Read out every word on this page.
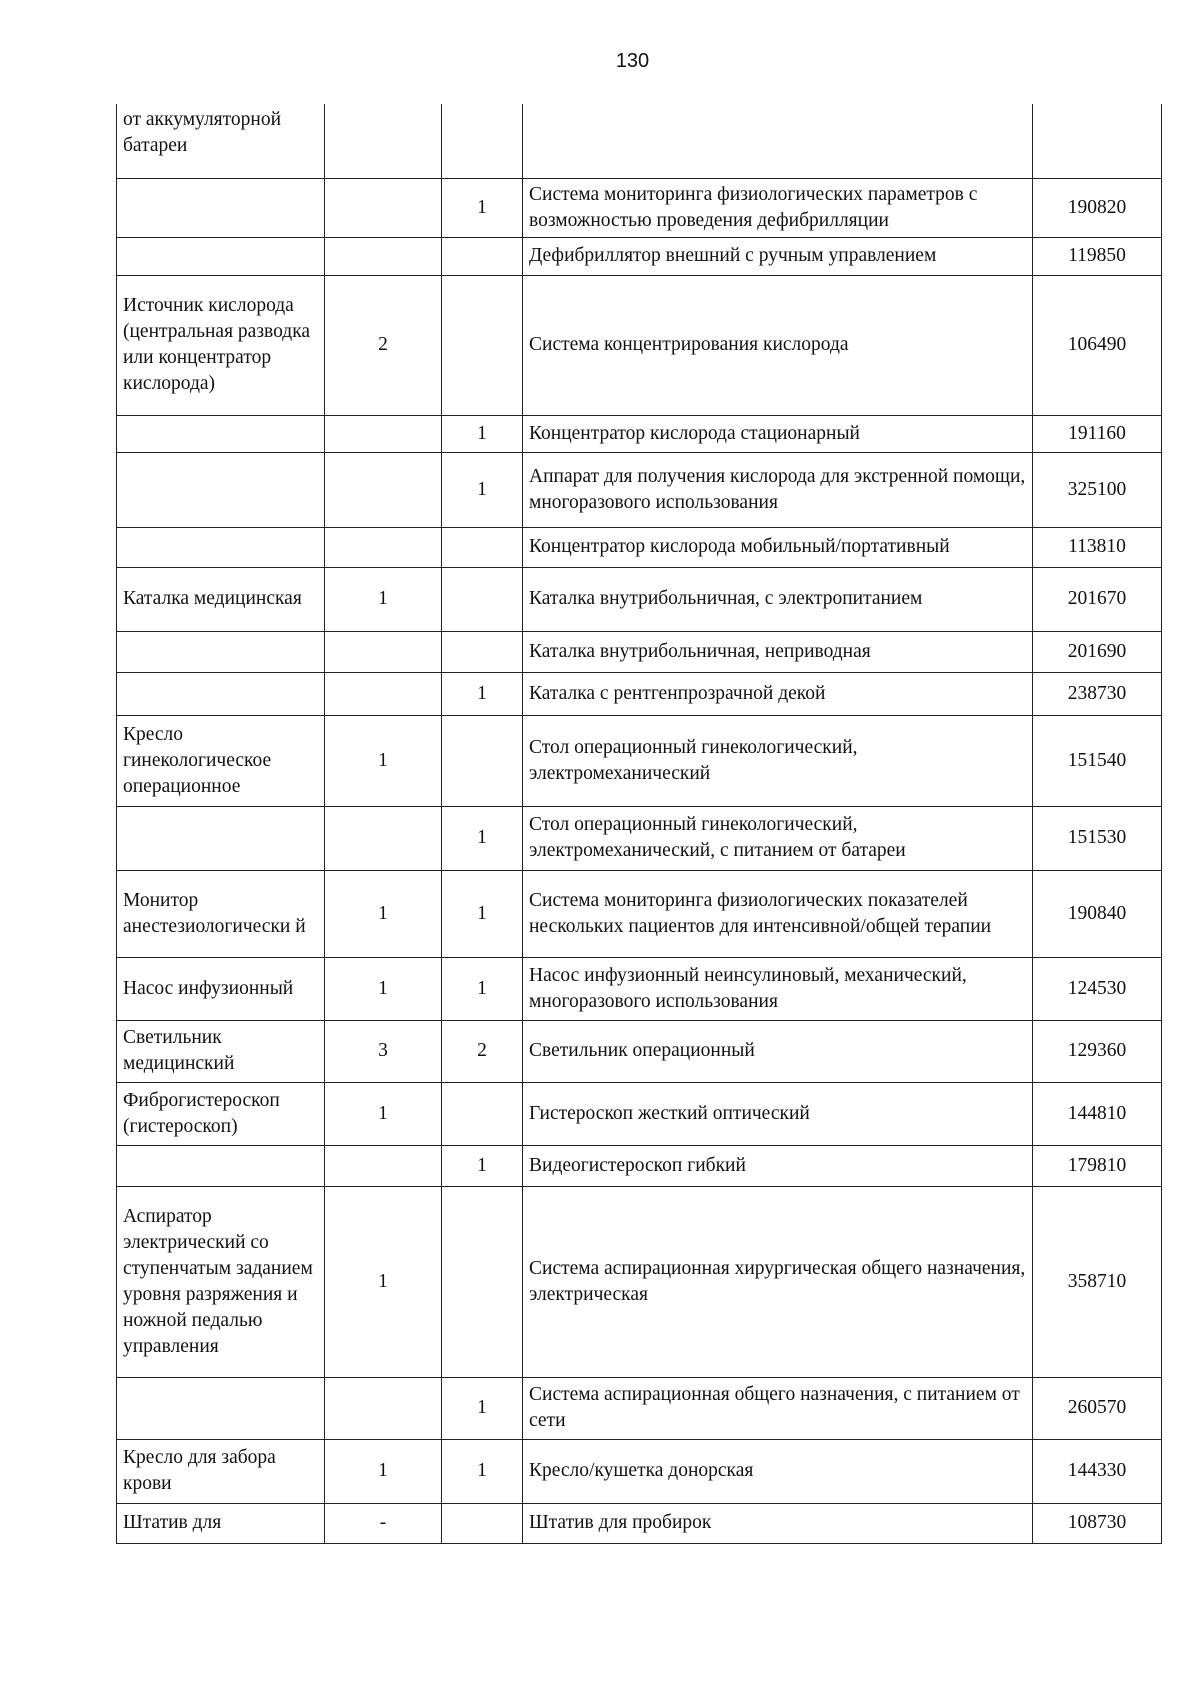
130
от аккумуляторной батареи				
		1	Система мониторинга физиологических параметров с возможностью проведения дефибрилляции	190820
			Дефибриллятор внешний с ручным управлением	119850
Источник кислорода (центральная разводка или концентратор кислорода)	2		Система концентрирования кислорода	106490
		1	Концентратор кислорода стационарный	191160
		1	Аппарат для получения кислорода для экстренной помощи, многоразового использования	325100
			Концентратор кислорода мобильный/портативный	113810
Каталка медицинская	1		Каталка внутрибольничная, с электропитанием	201670
			Каталка внутрибольничная, неприводная	201690
		1	Каталка с рентгенпрозрачной декой	238730
Кресло гинекологическое операционное	1		Стол операционный гинекологический, электромеханический	151540
		1	Стол операционный гинекологический, электромеханический, с питанием от батареи	151530
Монитор анестезиологически й	1	1	Система мониторинга физиологических показателей нескольких пациентов для интенсивной/общей терапии	190840
Насос инфузионный	1	1	Насос инфузионный неинсулиновый, механический, многоразового использования	124530
Светильник медицинский	3	2	Светильник операционный	129360
Фиброгистероскоп (гистероскоп)	1		Гистероскоп жесткий оптический	144810
		1	Видеогистероскоп гибкий	179810
Аспиратор электрический со ступенчатым заданием уровня разряжения и ножной педалью управления	1		Система аспирационная хирургическая общего назначения, электрическая	358710
		1	Система аспирационная общего назначения, с питанием от сети	260570
Кресло для забора крови	1	1	Кресло/кушетка донорская	144330
Штатив для	-		Штатив для пробирок	108730
